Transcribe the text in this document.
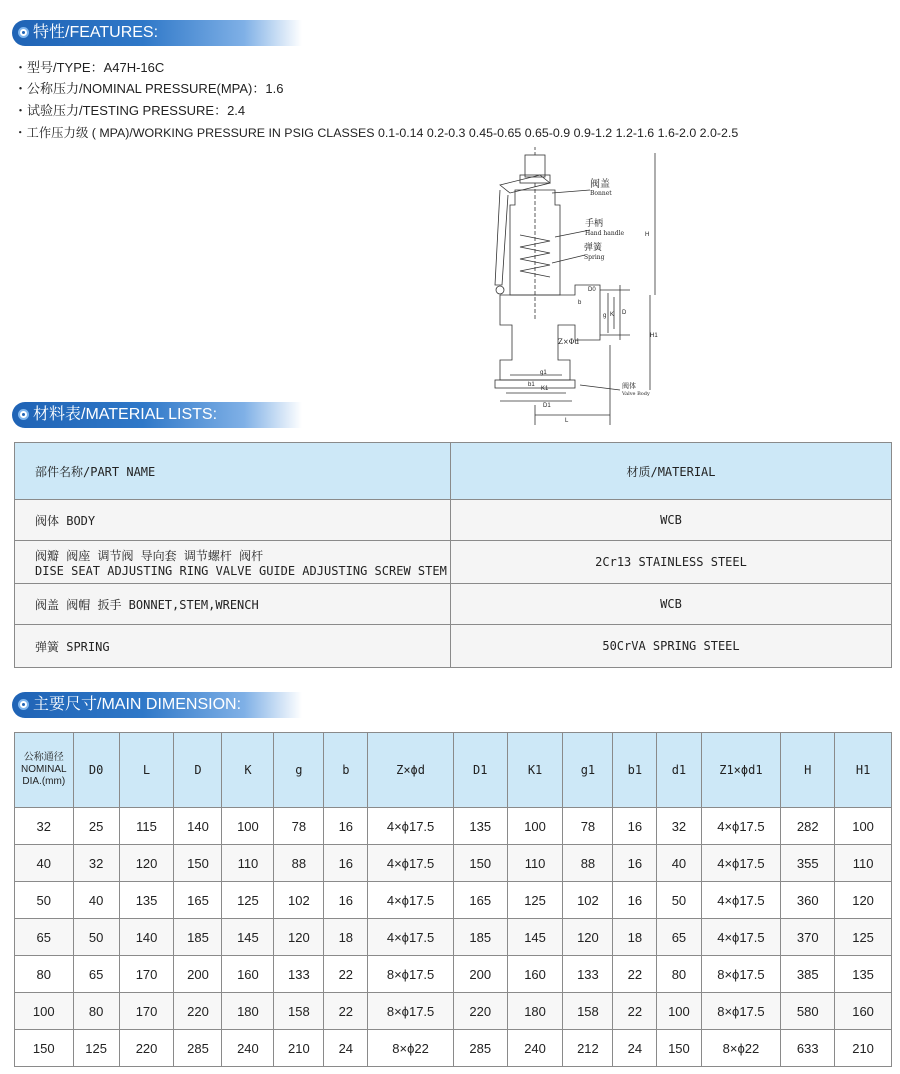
特性/FEATURES:
・型号/TYPE：A47H-16C
・公称压力/NOMINAL PRESSURE(MPA)：1.6
・试验压力/TESTING PRESSURE：2.4
・工作压力级 ( MPA)/WORKING PRESSURE IN PSIG CLASSES 0.1-0.14 0.2-0.3 0.45-0.65 0.65-0.9 0.9-1.2 1.2-1.6 1.6-2.0 2.0-2.5
阀盖
Bonnet
手柄
Hand handle
弹簧
Spring
阀体
Valve Body
Z×Φd
H
H1
D
K
g
L
D1
K1
g1
D0
b
b1
材料表/MATERIAL LISTS:
部件名称/PART NAME	材质/MATERIAL
阀体 BODY	WCB

阀瓣 阀座 调节阀 导向套 调节螺杆 阀杆
DISE SEAT ADJUSTING RING VALVE GUIDE ADJUSTING SCREW STEM	2Cr13 STAINLESS STEEL
阀盖 阀帽 扳手 BONNET,STEM,WRENCH	WCB
弹簧 SPRING	50CrVA SPRING STEEL
主要尺寸/MAIN DIMENSION:
公称通径
NOMINAL
DIA.(mm)	D0	L	D	K	g	b	Z×ϕd	D1	K1	g1	b1	d1	Z1×ϕd1	H	H1
32	25	115	140	100	78	16	4×ϕ17.5	135	100	78	16	32	4×ϕ17.5	282	100
40	32	120	150	110	88	16	4×ϕ17.5	150	110	88	16	40	4×ϕ17.5	355	110
50	40	135	165	125	102	16	4×ϕ17.5	165	125	102	16	50	4×ϕ17.5	360	120
65	50	140	185	145	120	18	4×ϕ17.5	185	145	120	18	65	4×ϕ17.5	370	125
80	65	170	200	160	133	22	8×ϕ17.5	200	160	133	22	80	8×ϕ17.5	385	135
100	80	170	220	180	158	22	8×ϕ17.5	220	180	158	22	100	8×ϕ17.5	580	160
150	125	220	285	240	210	24	8×ϕ22	285	240	212	24	150	8×ϕ22	633	210
